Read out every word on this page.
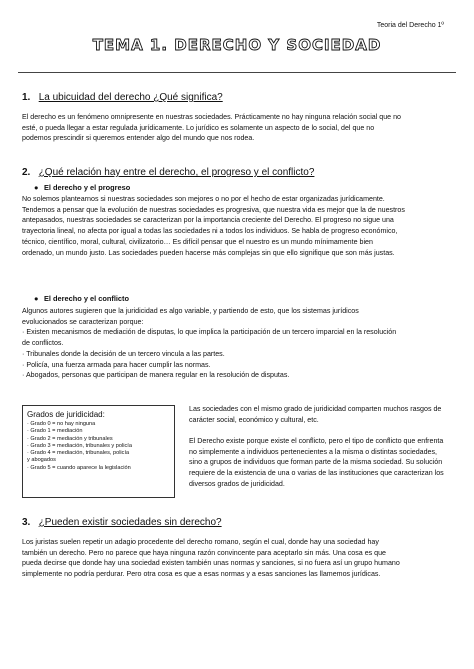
Teoria del Derecho 1º
TEMA 1. DERECHO Y SOCIEDAD
1. La ubicuidad del derecho ¿Qué significa?
El derecho es un fenómeno omnipresente en nuestras sociedades. Prácticamente no hay ninguna relación social que no
esté, o pueda llegar a estar regulada jurídicamente. Lo jurídico es solamente un aspecto de lo social, del que no
podemos prescindir si queremos entender algo del mundo que nos rodea.
2. ¿Qué relación hay entre el derecho, el progreso y el conflicto?
● El derecho y el progreso
No solemos plantearnos si nuestras sociedades son mejores o no por el hecho de estar organizadas jurídicamente.
Tendemos a pensar que la evolución de nuestras sociedades es progresiva, que nuestra vida es mejor que la de nuestros
antepasados, nuestras sociedades se caracterizan por la importancia creciente del Derecho. El progreso no sigue una
trayectoria lineal, no afecta por igual a todas las sociedades ni a todos los individuos. Se habla de progreso económico,
técnico, científico, moral, cultural, civilizatorio… Es difícil pensar que el nuestro es un mundo mínimamente bien
ordenado, un mundo justo. Las sociedades pueden hacerse más complejas sin que ello signifique que son más justas.
● El derecho y el conflicto
Algunos autores sugieren que la juridicidad es algo variable, y partiendo de esto, que los sistemas jurídicos
evolucionados se caracterizan porque:
· Existen mecanismos de mediación de disputas, lo que implica la participación de un tercero imparcial en la resolución
de conflictos.
· Tribunales donde la decisión de un tercero vincula a las partes.
· Policía, una fuerza armada para hacer cumplir las normas.
· Abogados, personas que participan de manera regular en la resolución de disputas.
Grados de juridicidad:
· Grado 0 = no hay ninguna
· Grado 1 = mediación
· Grado 2 = mediación y tribunales
· Grado 3 = mediación, tribunales y policía
· Grado 4 = mediación, tribunales, policía
y abogados
· Grado 5 = cuando aparece la legislación
Las sociedades con el mismo grado de juridicidad comparten muchos rasgos de
carácter social, económico y cultural, etc.
El Derecho existe porque existe el conflicto, pero el tipo de conflicto que enfrenta
no simplemente a individuos pertenecientes a la misma o distintas sociedades,
sino a grupos de individuos que forman parte de la misma sociedad. Su solución
requiere de la existencia de una o varias de las instituciones que caracterizan los
diversos grados de juridicidad.
3. ¿Pueden existir sociedades sin derecho?
Los juristas suelen repetir un adagio procedente del derecho romano, según el cual, donde hay una sociedad hay
también un derecho. Pero no parece que haya ninguna razón convincente para aceptarlo sin más. Una cosa es que
pueda decirse que donde hay una sociedad existen también unas normas y sanciones, si no fuera así un grupo humano
simplemente no podría perdurar. Pero otra cosa es que a esas normas y a esas sanciones las llamemos jurídicas.
